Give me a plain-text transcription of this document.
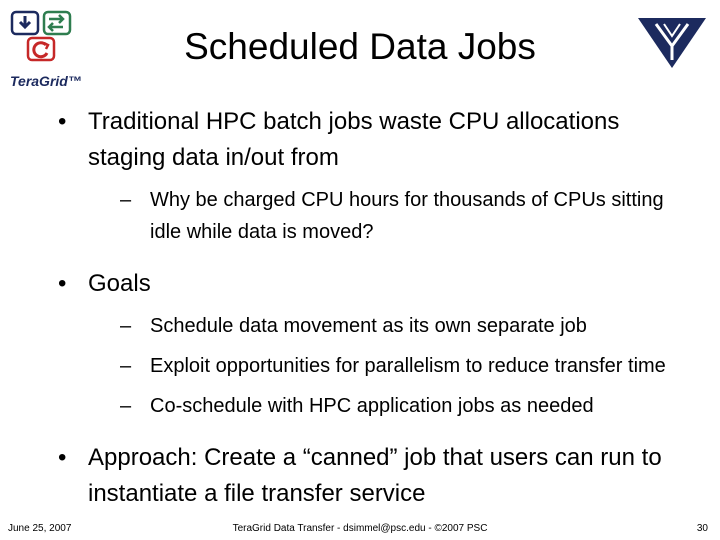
TeraGrid™
Scheduled Data Jobs
• Traditional HPC batch jobs waste CPU allocations staging data in/out from
– Why be charged CPU hours for thousands of CPUs sitting idle while data is moved?
• Goals
– Schedule data movement as its own separate job
– Exploit opportunities for parallelism to reduce transfer time
– Co-schedule with HPC application jobs as needed
• Approach: Create a “canned” job that users can run to instantiate a file transfer service
June 25, 2007	TeraGrid Data Transfer - dsimmel@psc.edu - ©2007 PSC	30
